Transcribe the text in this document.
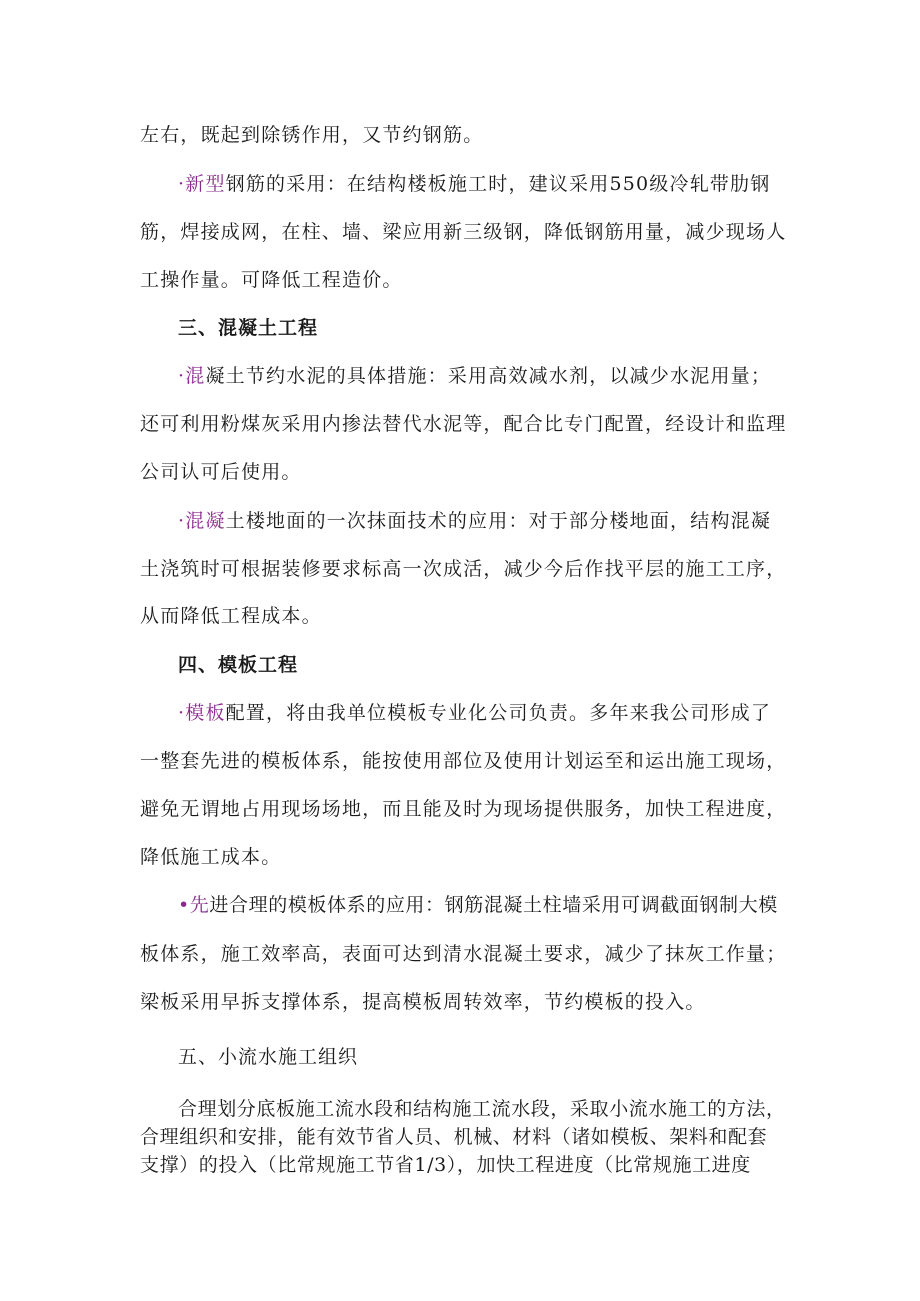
左右，既起到除锈作用，又节约钢筋。
·新型钢筋的采用：在结构楼板施工时，建议采用550级冷轧带肋钢
筋，焊接成网，在柱、墙、梁应用新三级钢，降低钢筋用量，减少现场人
工操作量。可降低工程造价。
三、混凝土工程
·混凝土节约水泥的具体措施：采用高效减水剂，以减少水泥用量；
还可利用粉煤灰采用内掺法替代水泥等，配合比专门配置，经设计和监理
公司认可后使用。
·混凝土楼地面的一次抹面技术的应用：对于部分楼地面，结构混凝
土浇筑时可根据装修要求标高一次成活，减少今后作找平层的施工工序，
从而降低工程成本。
四、模板工程
·模板配置，将由我单位模板专业化公司负责。多年来我公司形成了
一整套先进的模板体系，能按使用部位及使用计划运至和运出施工现场，
避免无谓地占用现场场地，而且能及时为现场提供服务，加快工程进度，
降低施工成本。
•先进合理的模板体系的应用：钢筋混凝土柱墙采用可调截面钢制大模
板体系，施工效率高，表面可达到清水混凝土要求，减少了抹灰工作量；
梁板采用早拆支撑体系，提高模板周转效率，节约模板的投入。
五、小流水施工组织
合理划分底板施工流水段和结构施工流水段，采取小流水施工的方法，
合理组织和安排，能有效节省人员、机械、材料（诸如模板、架料和配套
支撑）的投入（比常规施工节省1/3），加快工程进度（比常规施工进度
